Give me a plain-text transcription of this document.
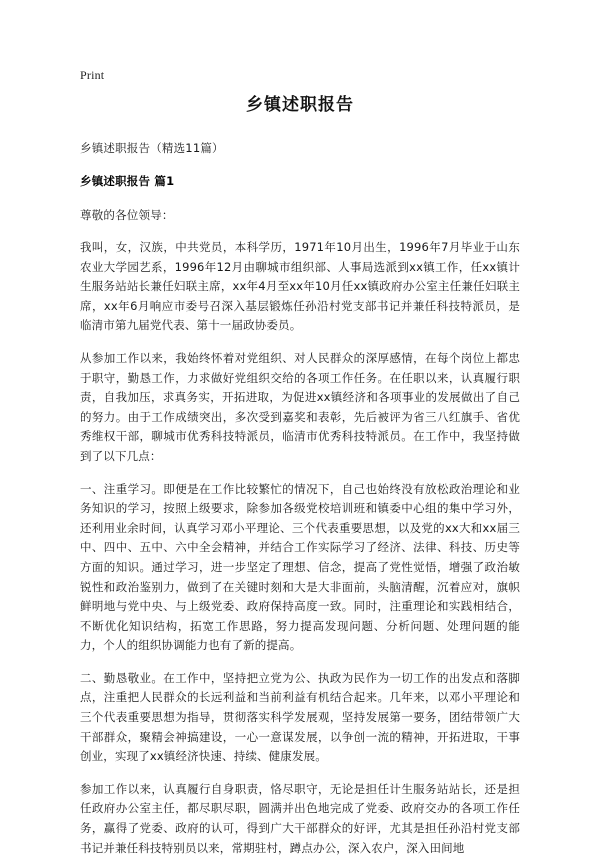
Print
乡镇述职报告
乡镇述职报告（精选11篇）
乡镇述职报告 篇1
尊敬的各位领导：

我叫，女，汉族，中共党员，本科学历，1971年10月出生，1996年7月毕业于山东农业大学园艺系，1996年12月由聊城市组织部、人事局选派到xx镇工作，任xx镇计生服务站站长兼任妇联主席，xx年4月至xx年10月任xx镇政府办公室主任兼任妇联主席，xx年6月响应市委号召深入基层锻炼任孙沿村党支部书记并兼任科技特派员，是临清市第九届党代表、第十一届政协委员。

从参加工作以来，我始终怀着对党组织、对人民群众的深厚感情，在每个岗位上都忠于职守，勤恳工作，力求做好党组织交给的各项工作任务。在任职以来，认真履行职责，自我加压，求真务实，开拓进取，为促进xx镇经济和各项事业的发展做出了自己的努力。由于工作成绩突出，多次受到嘉奖和表彰，先后被评为省三八红旗手、省优秀维权干部，聊城市优秀科技特派员，临清市优秀科技特派员。在工作中，我坚持做到了以下几点：

一、注重学习。即便是在工作比较繁忙的情况下，自己也始终没有放松政治理论和业务知识的学习，按照上级要求，除参加各级党校培训班和镇委中心组的集中学习外，还利用业余时间，认真学习邓小平理论、三个代表重要思想，以及党的xx大和xx届三中、四中、五中、六中全会精神，并结合工作实际学习了经济、法律、科技、历史等方面的知识。通过学习，进一步坚定了理想、信念，提高了党性觉悟，增强了政治敏锐性和政治鉴别力，做到了在关键时刻和大是大非面前，头脑清醒，沉着应对，旗帜鲜明地与党中央、与上级党委、政府保持高度一致。同时，注重理论和实践相结合，不断优化知识结构，拓宽工作思路，努力提高发现问题、分析问题、处理问题的能力，个人的组织协调能力也有了新的提高。

二、勤恳敬业。在工作中，坚持把立党为公、执政为民作为一切工作的出发点和落脚点，注重把人民群众的长远利益和当前利益有机结合起来。几年来，以邓小平理论和三个代表重要思想为指导，贯彻落实科学发展观，坚持发展第一要务，团结带领广大干部群众，聚精会神搞建设，一心一意谋发展，以争创一流的精神，开拓进取，干事创业，实现了xx镇经济快速、持续、健康发展。

参加工作以来，认真履行自身职责，恪尽职守，无论是担任计生服务站站长，还是担任政府办公室主任，都尽职尽职，圆满并出色地完成了党委、政府交办的各项工作任务，赢得了党委、政府的认可，得到广大干部群众的好评，尤其是担任孙沿村党支部书记并兼任科技特别员以来，常期驻村，蹲点办公，深入农户，深入田间地
